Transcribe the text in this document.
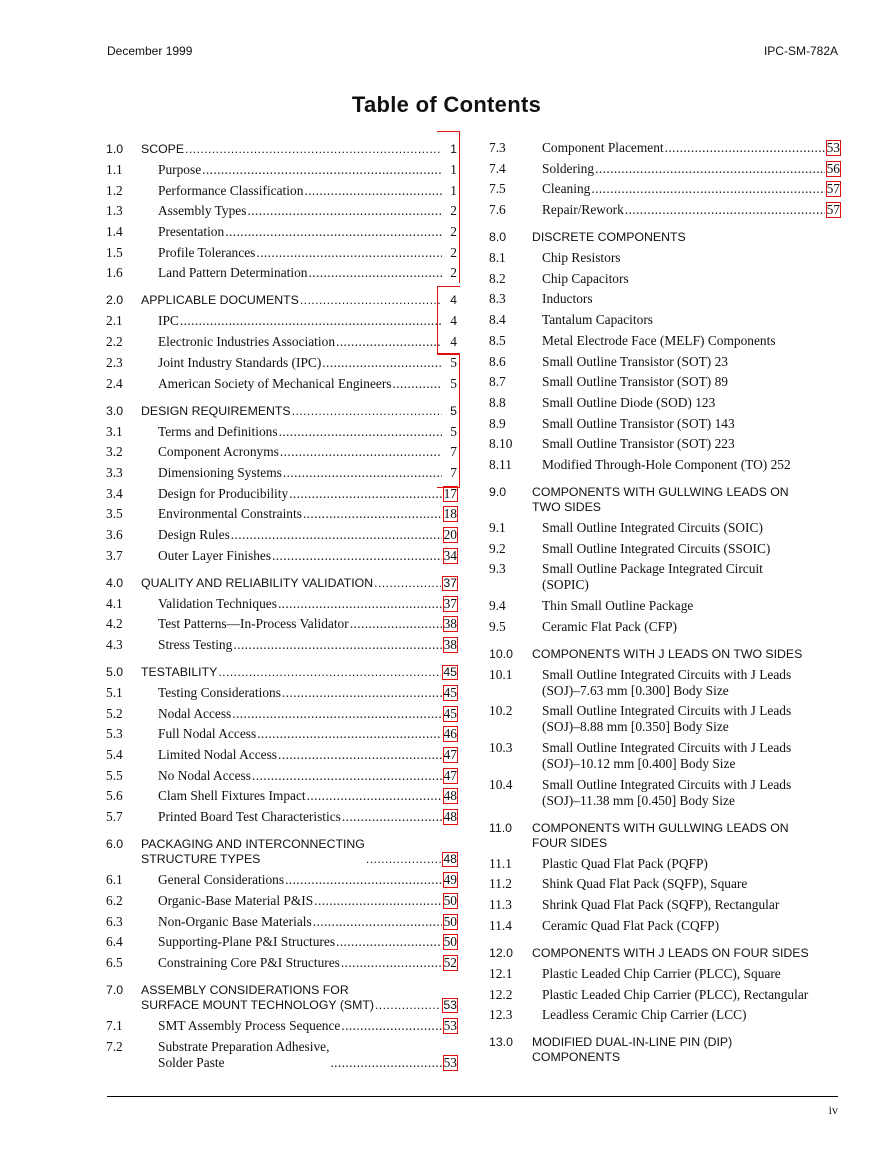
December 1999	IPC-SM-782A
Table of Contents
1.0	SCOPE .....	1
1.1	Purpose .....	1
1.2	Performance Classification .....	1
1.3	Assembly Types .....	2
1.4	Presentation .....	2
1.5	Profile Tolerances .....	2
1.6	Land Pattern Determination .....	2
2.0	APPLICABLE DOCUMENTS .....	4
2.1	IPC .....	4
2.2	Electronic Industries Association .....	4
2.3	Joint Industry Standards (IPC) .....	5
2.4	American Society of Mechanical Engineers .....	5
3.0	DESIGN REQUIREMENTS .....	5
3.1	Terms and Definitions .....	5
3.2	Component Acronyms .....	7
3.3	Dimensioning Systems .....	7
3.4	Design for Producibility .....	17
3.5	Environmental Constraints .....	18
3.6	Design Rules .....	20
3.7	Outer Layer Finishes .....	34
4.0	QUALITY AND RELIABILITY VALIDATION .....	37
4.1	Validation Techniques .....	37
4.2	Test Patterns—In-Process Validator .....	38
4.3	Stress Testing .....	38
5.0	TESTABILITY .....	45
5.1	Testing Considerations .....	45
5.2	Nodal Access .....	45
5.3	Full Nodal Access .....	46
5.4	Limited Nodal Access .....	47
5.5	No Nodal Access .....	47
5.6	Clam Shell Fixtures Impact .....	48
5.7	Printed Board Test Characteristics .....	48
6.0	PACKAGING AND INTERCONNECTING
STRUCTURE TYPES .....	48
6.1	General Considerations .....	49
6.2	Organic-Base Material P&IS .....	50
6.3	Non-Organic Base Materials .....	50
6.4	Supporting-Plane P&I Structures .....	50
6.5	Constraining Core P&I Structures .....	52
7.0	ASSEMBLY CONSIDERATIONS FOR
SURFACE MOUNT TECHNOLOGY (SMT) .....	53
7.1	SMT Assembly Process Sequence .....	53
7.2	Substrate Preparation Adhesive,
Solder Paste .....	53
7.3	Component Placement .....	53
7.4	Soldering .....	56
7.5	Cleaning .....	57
7.6	Repair/Rework .....	57
8.0	DISCRETE COMPONENTS
8.1	Chip Resistors
8.2	Chip Capacitors
8.3	Inductors
8.4	Tantalum Capacitors
8.5	Metal Electrode Face (MELF) Components
8.6	Small Outline Transistor (SOT) 23
8.7	Small Outline Transistor (SOT) 89
8.8	Small Outline Diode (SOD) 123
8.9	Small Outline Transistor (SOT) 143
8.10	Small Outline Transistor (SOT) 223
8.11	Modified Through-Hole Component (TO) 252
9.0	COMPONENTS WITH GULLWING LEADS ON
TWO SIDES
9.1	Small Outline Integrated Circuits (SOIC)
9.2	Small Outline Integrated Circuits (SSOIC)
9.3	Small Outline Package Integrated Circuit
(SOPIC)
9.4	Thin Small Outline Package
9.5	Ceramic Flat Pack (CFP)
10.0	COMPONENTS WITH J LEADS ON TWO SIDES
10.1	Small Outline Integrated Circuits with J Leads
(SOJ)–7.63 mm [0.300] Body Size
10.2	Small Outline Integrated Circuits with J Leads
(SOJ)–8.88 mm [0.350] Body Size
10.3	Small Outline Integrated Circuits with J Leads
(SOJ)–10.12 mm [0.400] Body Size
10.4	Small Outline Integrated Circuits with J Leads
(SOJ)–11.38 mm [0.450] Body Size
11.0	COMPONENTS WITH GULLWING LEADS ON
FOUR SIDES
11.1	Plastic Quad Flat Pack (PQFP)
11.2	Shink Quad Flat Pack (SQFP), Square
11.3	Shrink Quad Flat Pack (SQFP), Rectangular
11.4	Ceramic Quad Flat Pack (CQFP)
12.0	COMPONENTS WITH J LEADS ON FOUR SIDES
12.1	Plastic Leaded Chip Carrier (PLCC), Square
12.2	Plastic Leaded Chip Carrier (PLCC), Rectangular
12.3	Leadless Ceramic Chip Carrier (LCC)
13.0	MODIFIED DUAL-IN-LINE PIN (DIP)
COMPONENTS
iv
